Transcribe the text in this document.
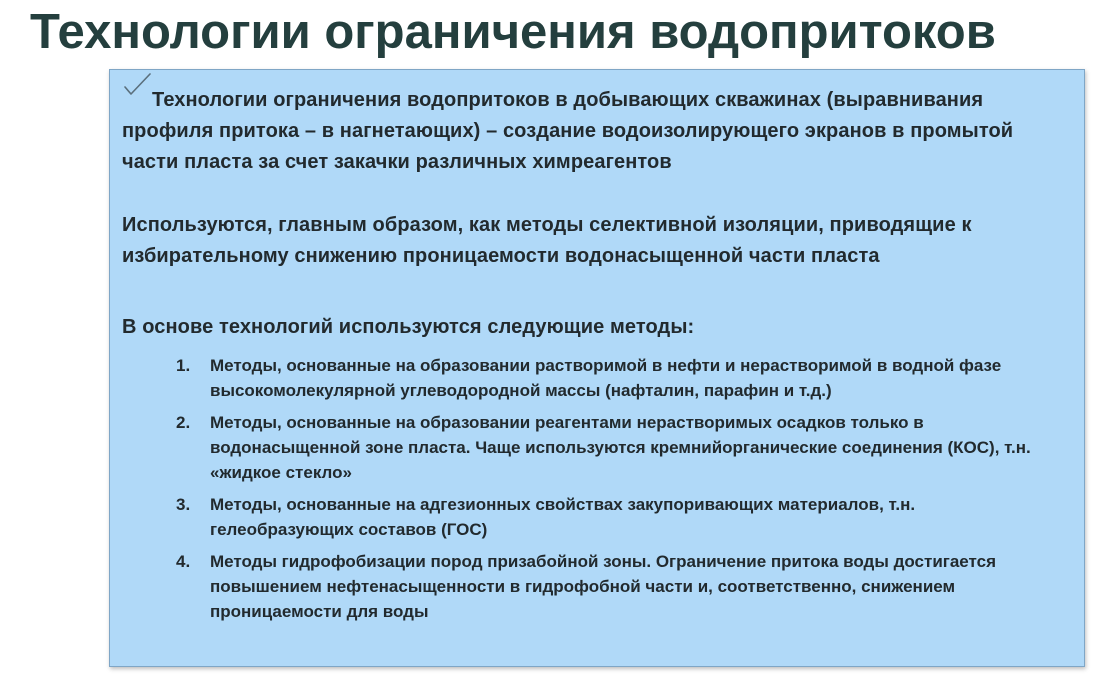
Технологии ограничения водопритоков

Технологии ограничения водопритоков в добывающих скважинах (выравнивания профиля притока – в нагнетающих) – создание водоизолирующего экранов в промытой части пласта за счет закачки различных химреагентов

Используются, главным образом, как методы селективной изоляции, приводящие к избирательному снижению проницаемости водонасыщенной части пласта

В основе технологий используются следующие методы:

1. Методы, основанные на образовании растворимой в нефти и нерастворимой в водной фазе высокомолекулярной углеводородной массы (нафталин, парафин и т.д.)
2. Методы, основанные на образовании реагентами нерастворимых осадков только в водонасыщенной зоне пласта. Чаще используются кремнийорганические соединения (КОС), т.н. «жидкое стекло»
3. Методы, основанные на адгезионных свойствах закупоривающих материалов, т.н. гелеобразующих составов (ГОС)
4. Методы гидрофобизации пород призабойной зоны. Ограничение притока воды достигается повышением нефтенасыщенности в гидрофобной части и, соответственно, снижением проницаемости для воды
